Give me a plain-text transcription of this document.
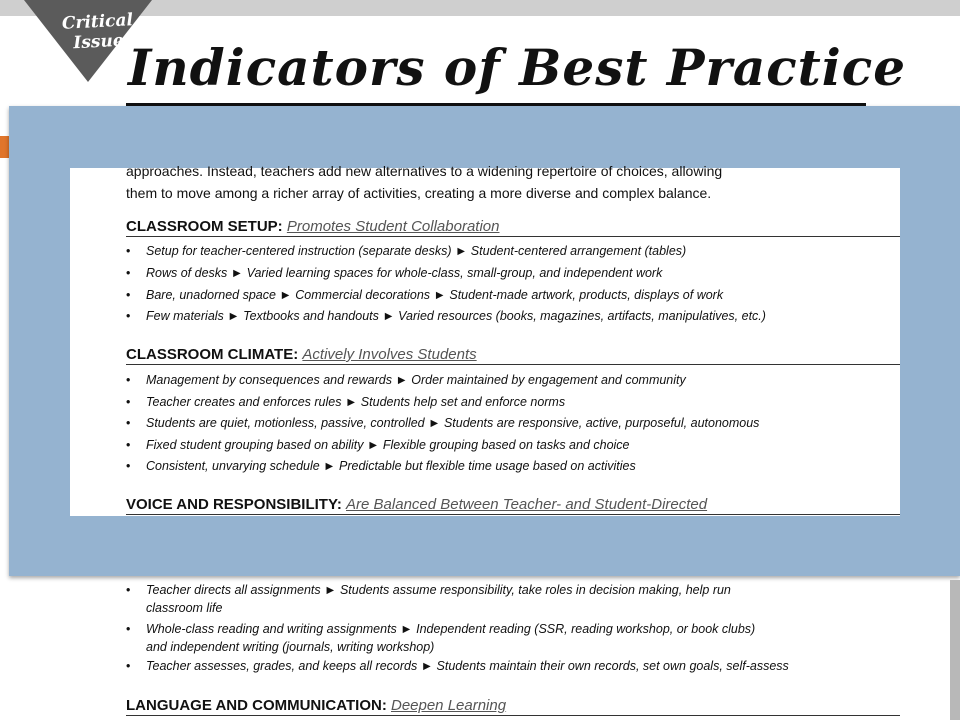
Critical
Issue Indicators of Best Practice
approaches. Instead, teachers add new alternatives to a widening repertoire of choices, allowing
them to move among a richer array of activities, creating a more diverse and complex balance.
CLASSROOM SETUP: Promotes Student Collaboration
• Setup for teacher-centered instruction (separate desks) ► Student-centered arrangement (tables)
• Rows of desks ► Varied learning spaces for whole-class, small-group, and independent work
• Bare, unadorned space ► Commercial decorations ► Student-made artwork, products, displays of work
• Few materials ► Textbooks and handouts ► Varied resources (books, magazines, artifacts, manipulatives, etc.)
CLASSROOM CLIMATE: Actively Involves Students
• Management by consequences and rewards ► Order maintained by engagement and community
• Teacher creates and enforces rules ► Students help set and enforce norms
• Students are quiet, motionless, passive, controlled ► Students are responsive, active, purposeful, autonomous
• Fixed student grouping based on ability ► Flexible grouping based on tasks and choice
• Consistent, unvarying schedule ► Predictable but flexible time usage based on activities
VOICE AND RESPONSIBILITY: Are Balanced Between Teacher- and Student-Directed
• Teacher directs all assignments ► Students assume responsibility, take roles in decision making, help run
classroom life
• Whole-class reading and writing assignments ► Independent reading (SSR, reading workshop, or book clubs)
and independent writing (journals, writing workshop)
• Teacher assesses, grades, and keeps all records ► Students maintain their own records, set own goals, self-assess
LANGUAGE AND COMMUNICATION: Deepen Learning
